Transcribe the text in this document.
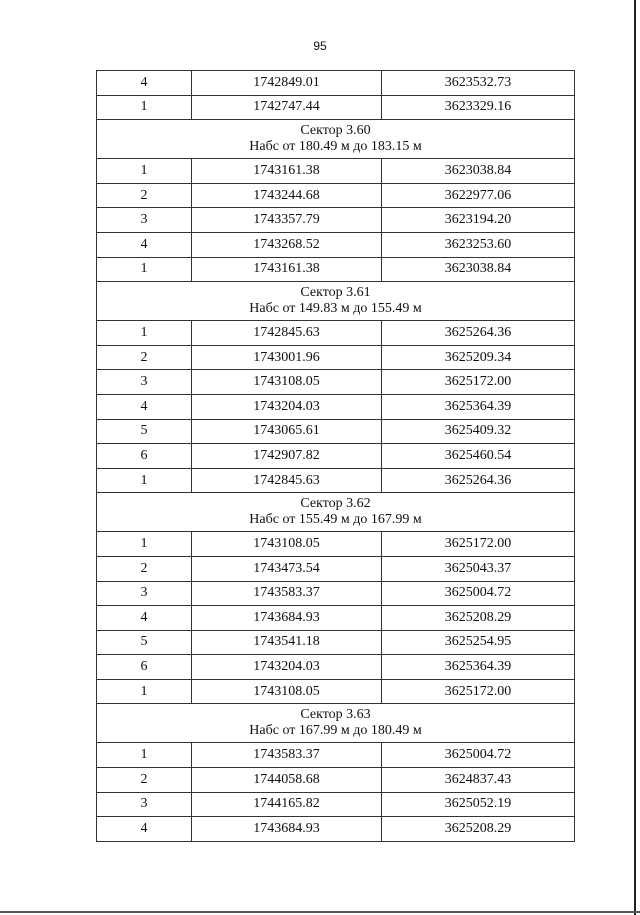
95
4	1742849.01	3623532.73
1	1742747.44	3623329.16

Сектор 3.60
Набс от 180.49 м до 183.15 м		

1	1743161.38	3623038.84
2	1743244.68	3622977.06
3	1743357.79	3623194.20
4	1743268.52	3623253.60
1	1743161.38	3623038.84

Сектор 3.61
Набс от 149.83 м до 155.49 м		

1	1742845.63	3625264.36
2	1743001.96	3625209.34
3	1743108.05	3625172.00
4	1743204.03	3625364.39
5	1743065.61	3625409.32
6	1742907.82	3625460.54
1	1742845.63	3625264.36

Сектор 3.62
Набс от 155.49 м до 167.99 м		

1	1743108.05	3625172.00
2	1743473.54	3625043.37
3	1743583.37	3625004.72
4	1743684.93	3625208.29
5	1743541.18	3625254.95
6	1743204.03	3625364.39
1	1743108.05	3625172.00

Сектор 3.63
Набс от 167.99 м до 180.49 м		

1	1743583.37	3625004.72
2	1744058.68	3624837.43
3	1744165.82	3625052.19
4	1743684.93	3625208.29
